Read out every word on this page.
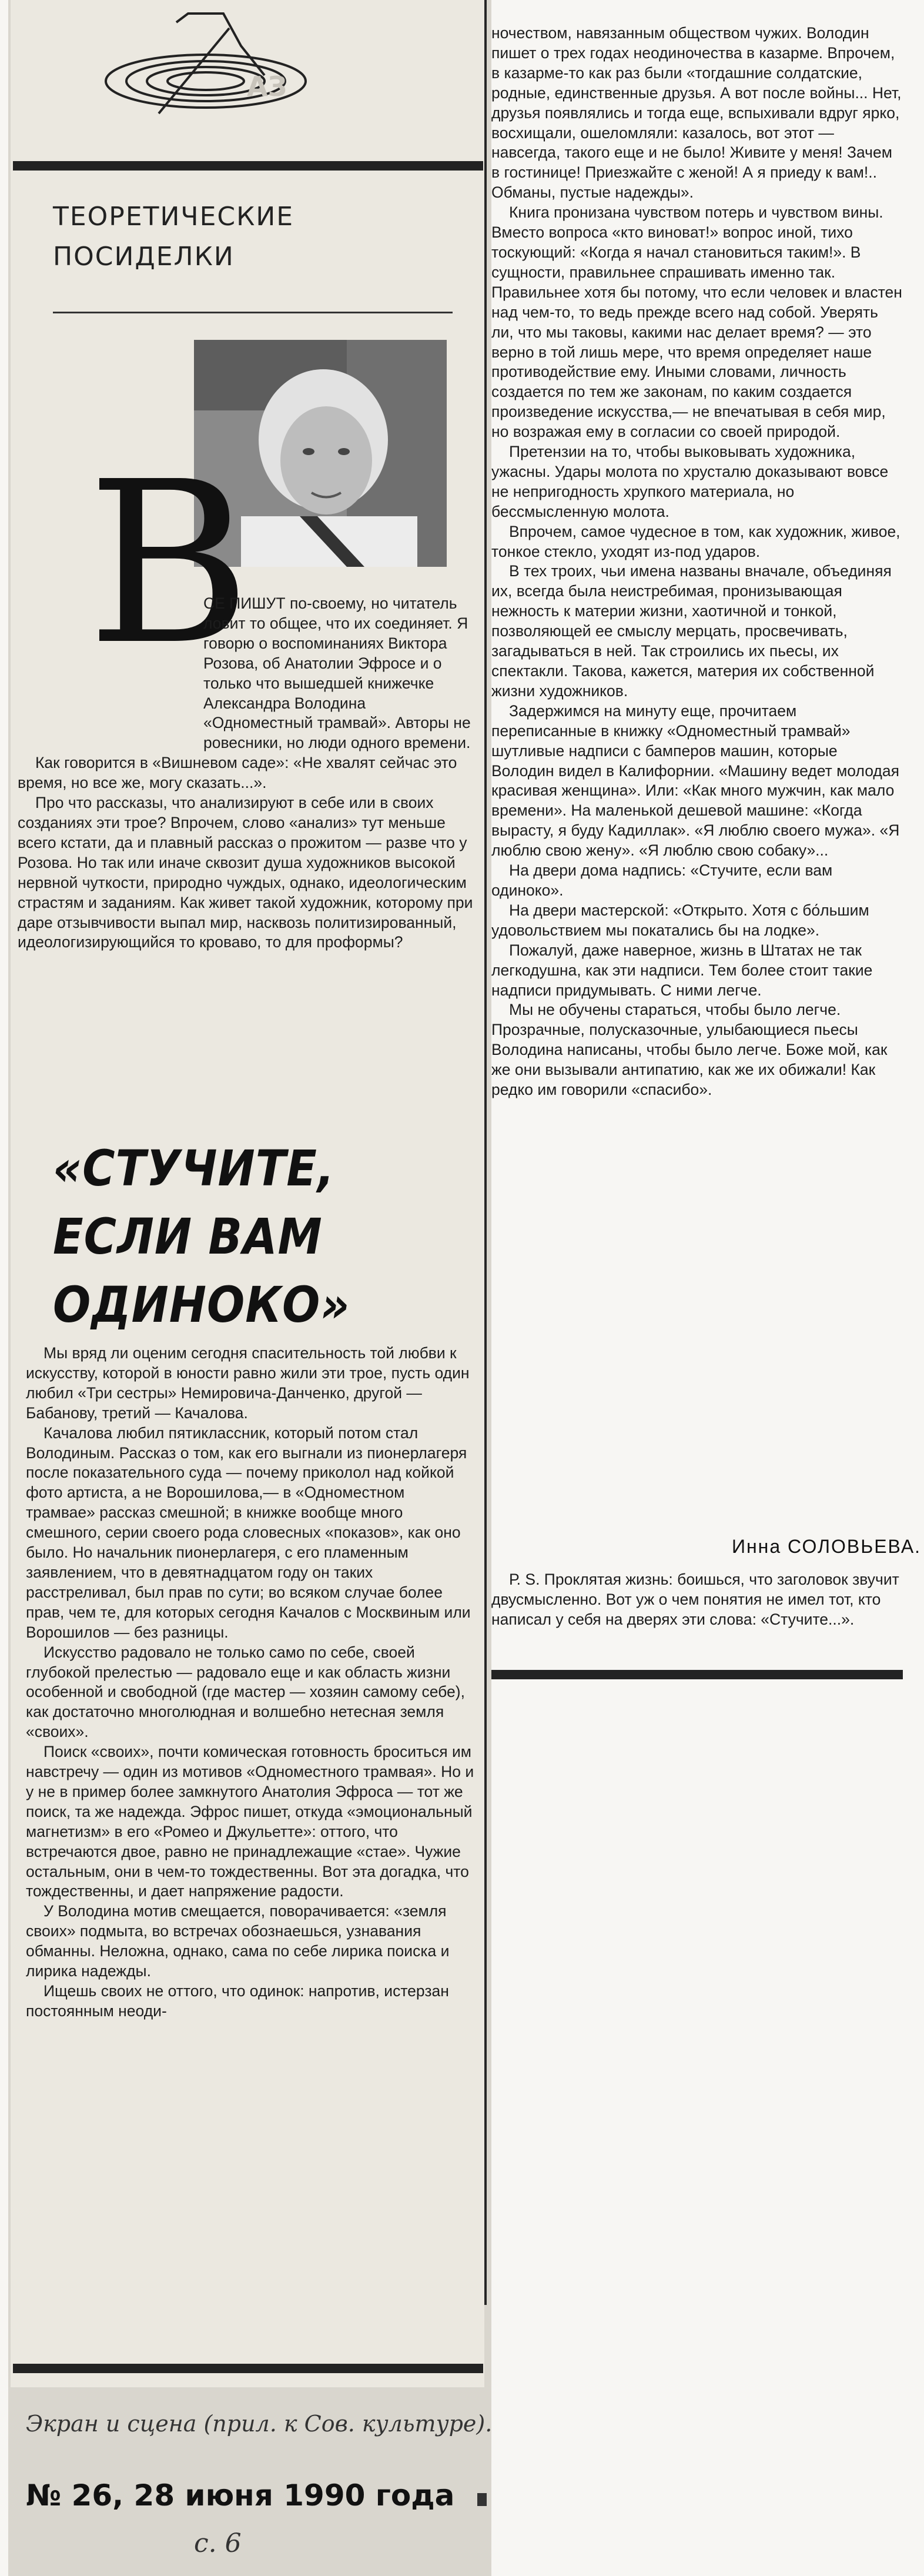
АЗ
ТЕОРЕТИЧЕСКИЕ
ПОСИДЕЛКИ
В

СЕ ПИШУТ по-своему, но читатель ловит то общее, что их соединяет. Я говорю о воспоминаниях Виктора Розова, об Анатолии Эфросе и о только что вышедшей книжечке Александра Володина «Одноместный трамвай». Авторы не ровесники, но люди одного времени.

Как говорится в «Вишневом саде»: «Не хвалят сейчас это время, но все же, могу сказать...».

Про что рассказы, что анализируют в себе или в своих созданиях эти трое? Впрочем, слово «анализ» тут меньше всего кстати, да и плавный рассказ о прожитом — разве что у Розова. Но так или иначе сквозит душа художников высокой нервной чуткости, природно чуждых, однако, идеологическим страстям и заданиям. Как живет такой художник, которому при даре отзывчивости выпал мир, насквозь политизированный, идеологизирующийся то кроваво, то для проформы?

«СТУЧИТЕ,
ЕСЛИ ВАМ
ОДИНОКО»

Мы вряд ли оценим сегодня спасительность той любви к искусству, которой в юности равно жили эти трое, пусть один любил «Три сестры» Немировича-Данченко, другой — Бабанову, третий — Качалова.

Качалова любил пятиклассник, который потом стал Володиным. Рассказ о том, как его выгнали из пионерлагеря после показательного суда — почему приколол над койкой фото артиста, а не Ворошилова,— в «Одноместном трамвае» рассказ смешной; в книжке вообще много смешного, серии своего рода словесных «показов», как оно было. Но начальник пионерлагеря, с его пламенным заявлением, что в девятнадцатом году он таких расстреливал, был прав по сути; во всяком случае более прав, чем те, для которых сегодня Качалов с Москвиным или Ворошилов — без разницы.

Искусство радовало не только само по себе, своей глубокой прелестью — радовало еще и как область жизни особенной и свободной (где мастер — хозяин самому себе), как достаточно многолюдная и волшебно нетесная земля «своих».

Поиск «своих», почти комическая готовность броситься им навстречу — один из мотивов «Одноместного трамвая». Но и у не в пример более замкнутого Анатолия Эфроса — тот же поиск, та же надежда. Эфрос пишет, откуда «эмоциональный магнетизм» в его «Ромео и Джульетте»: оттого, что встречаются двое, равно не принадлежащие «стае». Чужие остальным, они в чем-то тождественны. Вот эта догадка, что тождественны, и дает напряжение радости.

У Володина мотив смещается, поворачивается: «земля своих» подмыта, во встречах обознаешься, узнавания обманны. Неложна, однако, сама по себе лирика поиска и лирика надежды.

Ищешь своих не оттого, что одинок: напротив, истерзан постоянным неоди-

ночеством, навязанным обществом чужих. Володин пишет о трех годах неодиночества в казарме. Впрочем, в казарме-то как раз были «тогдашние солдатские, родные, единственные друзья. А вот после войны... Нет, друзья появлялись и тогда еще, вспыхивали вдруг ярко, восхищали, ошеломляли: казалось, вот этот — навсегда, такого еще и не было! Живите у меня! Зачем в гостинице! Приезжайте с женой! А я приеду к вам!.. Обманы, пустые надежды».

Книга пронизана чувством потерь и чувством вины. Вместо вопроса «кто виноват!» вопрос иной, тихо тоскующий: «Когда я начал становиться таким!». В сущности, правильнее спрашивать именно так. Правильнее хотя бы потому, что если человек и властен над чем-то, то ведь прежде всего над собой. Уверять ли, что мы таковы, какими нас делает время? — это верно в той лишь мере, что время определяет наше противодействие ему. Иными словами, личность создается по тем же законам, по каким создается произведение искусства,— не впечатывая в себя мир, но возражая ему в согласии со своей природой.

Претензии на то, чтобы выковывать художника, ужасны. Удары молота по хрусталю доказывают вовсе не непригодность хрупкого материала, но бессмысленную молота.

Впрочем, самое чудесное в том, как художник, живое, тонкое стекло, уходят из-под ударов.

В тех троих, чьи имена названы вначале, объединяя их, всегда была неистребимая, пронизывающая нежность к материи жизни, хаотичной и тонкой, позволяющей ее смыслу мерцать, просвечивать, загадываться в ней. Так строились их пьесы, их спектакли. Такова, кажется, материя их собственной жизни художников.

Задержимся на минуту еще, прочитаем переписанные в книжку «Одноместный трамвай» шутливые надписи с бамперов машин, которые Володин видел в Калифорнии. «Машину ведет молодая красивая женщина». Или: «Как много мужчин, как мало времени». На маленькой дешевой машине: «Когда вырасту, я буду Кадиллак». «Я люблю своего мужа». «Я люблю свою жену». «Я люблю свою собаку»...

На двери дома надпись: «Стучите, если вам одиноко».

На двери мастерской: «Открыто. Хотя с бо́льшим удовольствием мы покатались бы на лодке».

Пожалуй, даже наверное, жизнь в Штатах не так легкодушна, как эти надписи. Тем более стоит такие надписи придумывать. С ними легче.

Мы не обучены стараться, чтобы было легче. Прозрачные, полусказочные, улыбающиеся пьесы Володина написаны, чтобы было легче. Боже мой, как же они вызывали антипатию, как же их обижали! Как редко им говорили «спасибо».

Инна СОЛОВЬЕВА.

Р. S. Проклятая жизнь: боишься, что заголовок звучит двусмысленно. Вот уж о чем понятия не имел тот, кто написал у себя на дверях эти слова: «Стучите...».

Экран и сцена (прил. к Сов. культуре).
№ 26, 28 июня 1990 года
с. 6
